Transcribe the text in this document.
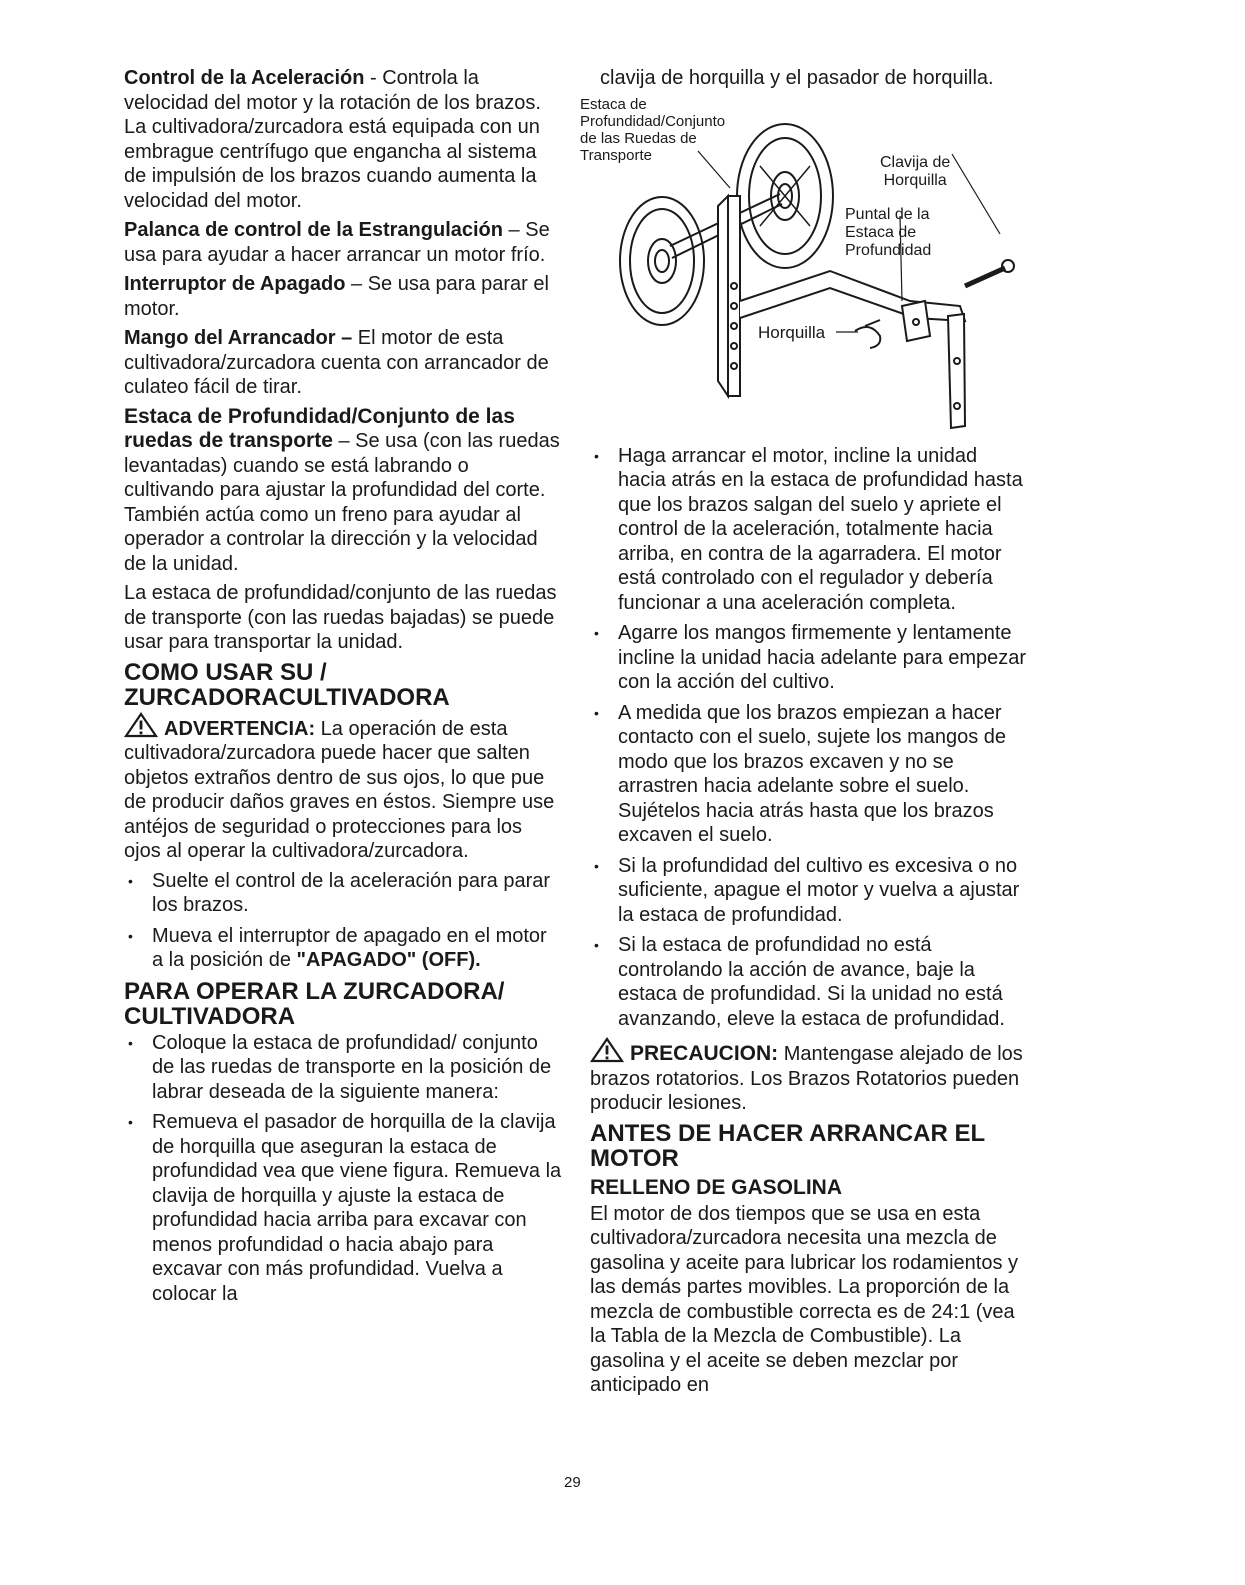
Control de la Aceleración - Controla la velocidad del motor y la rotación de los brazos. La cultivadora/zurcadora está equipada con un embrague centrífugo que engancha al sistema de impulsión de los brazos cuando aumenta la velocidad del motor.

Palanca de control de la Estrangulación – Se usa para ayudar a hacer arrancar un motor frío.

Interruptor de Apagado – Se usa para parar el motor.

Mango del Arrancador – El motor de esta cultivadora/zurcadora cuenta con arrancador de culateo fácil de tirar.

Estaca de Profundidad/Conjunto de las ruedas de transporte – Se usa (con las ruedas levantadas) cuando se está labrando o cultivando para ajustar la profundidad del corte. También actúa como un freno para ayudar al operador a controlar la dirección y la velocidad de la unidad.

La estaca de profundidad/conjunto de las ruedas de transporte (con las ruedas bajadas) se puede usar para transportar la unidad.

COMO USAR SU / ZURCADORACULTIVADORA

ADVERTENCIA: La operación de esta cultivadora/zurcadora puede hacer que salten objetos extraños dentro de sus ojos, lo que pue de producir daños graves en éstos. Siempre use antéjos de seguridad o protecciones para los ojos al operar la cultivadora/zurcadora.

• Suelte el control de la aceleración para parar los brazos.
• Mueva el interruptor de apagado en el motor a la posición de "APAGADO" (OFF).
PARA OPERAR LA ZURCADORA/ CULTIVADORA
• Coloque la estaca de profundidad/ conjunto de las ruedas de transporte en la posición de labrar deseada de la siguiente manera:
• Remueva el pasador de horquilla de la clavija de horquilla que aseguran la estaca de profundidad vea que viene figura. Remueva la clavija de horquilla y ajuste la estaca de profundidad hacia arriba para excavar con menos profundidad o hacia abajo para excavar con más profundidad. Vuelva a colocar la

clavija de horquilla y el pasador de horquilla.

Estaca de
Profundidad/Conjunto
de las Ruedas de
Transporte	Clavija de
Horquilla
Puntal de la
Estaca de
Profundidad
Horquilla
• Haga arrancar el motor, incline la unidad hacia atrás en la estaca de profundidad hasta que los brazos salgan del suelo y apriete el control de la aceleración, totalmente hacia arriba, en contra de la agarradera. El motor está controlado con el regulador y debería funcionar a una aceleración completa.
• Agarre los mangos firmemente y lentamente incline la unidad hacia adelante para empezar con la acción del cultivo.
• A medida que los brazos empiezan a hacer contacto con el suelo, sujete los mangos de modo que los brazos excaven y no se arrastren hacia adelante sobre el suelo. Sujételos hacia atrás hasta que los brazos excaven el suelo.
• Si la profundidad del cultivo es excesiva o no suficiente, apague el motor y vuelva a ajustar la estaca de profundidad.
• Si la estaca de profundidad no está controlando la acción de avance, baje la estaca de profundidad. Si la unidad no está avanzando, eleve la estaca de profundidad.

PRECAUCION: Mantengase alejado de los brazos rotatorios. Los Brazos Rotatorios pueden producir lesiones.

ANTES DE HACER ARRANCAR EL MOTOR
RELLENO DE GASOLINA

El motor de dos tiempos que se usa en esta cultivadora/zurcadora necesita una mezcla de gasolina y aceite para lubricar los rodamientos y las demás partes movibles. La proporción de la mezcla de combustible correcta es de 24:1 (vea la Tabla de la Mezcla de Combustible). La gasolina y el aceite se deben mezclar por anticipado en

29
